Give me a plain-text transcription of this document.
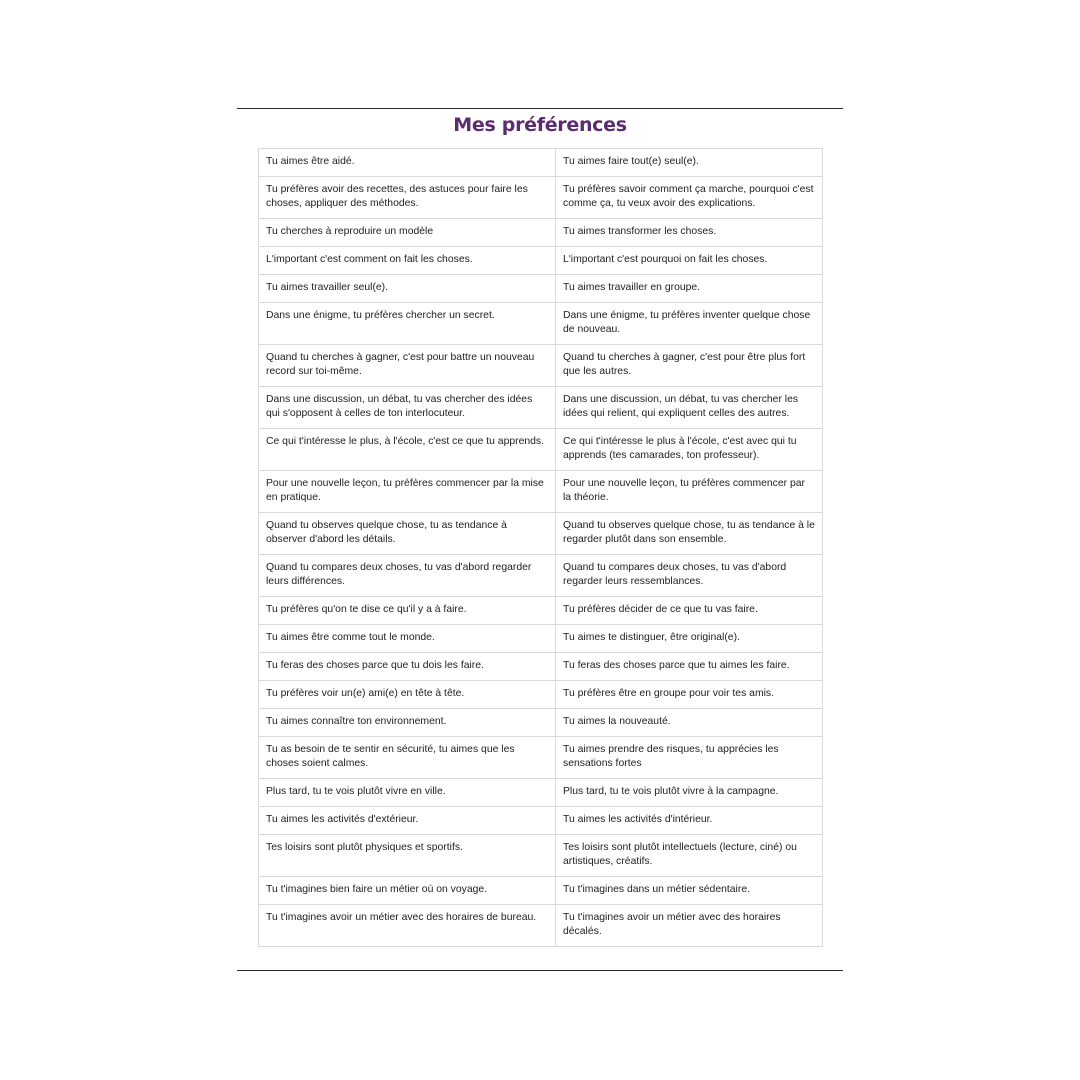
Mes préférences
Tu aimes être aidé.	Tu aimes faire tout(e) seul(e).
Tu préfères avoir des recettes, des astuces pour faire les choses, appliquer des méthodes.	Tu préfères savoir comment ça marche, pourquoi c'est comme ça, tu veux avoir des explications.
Tu cherches à reproduire un modèle	Tu aimes transformer les choses.
L'important c'est comment on fait les choses.	L'important c'est pourquoi on fait les choses.
Tu aimes travailler seul(e).	Tu aimes travailler en groupe.
Dans une énigme, tu préfères chercher un secret.	Dans une énigme, tu préfères inventer quelque chose de nouveau.
Quand tu cherches à gagner, c'est pour battre un nouveau record sur toi-même.	Quand tu cherches à gagner, c'est pour être plus fort que les autres.
Dans une discussion, un débat, tu vas chercher des idées qui s'opposent à celles de ton interlocuteur.	Dans une discussion, un débat, tu vas chercher les idées qui relient, qui expliquent celles des autres.
Ce qui t'intéresse le plus, à l'école, c'est ce que tu apprends.	Ce qui t'intéresse le plus à l'école, c'est avec qui tu apprends (tes camarades, ton professeur).
Pour une nouvelle leçon, tu préfères commencer par la mise en pratique.	Pour une nouvelle leçon, tu préfères commencer par la théorie.
Quand tu observes quelque chose, tu as tendance à observer d'abord les détails.	Quand tu observes quelque chose, tu as tendance à le regarder plutôt dans son ensemble.
Quand tu compares deux choses, tu vas d'abord regarder leurs différences.	Quand tu compares deux choses, tu vas d'abord regarder leurs ressemblances.
Tu préfères qu'on te dise ce qu'il y a à faire.	Tu préfères décider de ce que tu vas faire.
Tu aimes être comme tout le monde.	Tu aimes te distinguer, être original(e).
Tu feras des choses parce que tu dois les faire.	Tu feras des choses parce que tu aimes les faire.
Tu préfères voir un(e) ami(e) en tête à tête.	Tu préfères être en groupe pour voir tes amis.
Tu aimes connaître ton environnement.	Tu aimes la nouveauté.
Tu as besoin de te sentir en sécurité, tu aimes que les choses soient calmes.	Tu aimes prendre des risques, tu apprécies les sensations fortes
Plus tard, tu te vois plutôt vivre en ville.	Plus tard, tu te vois plutôt vivre à la campagne.
Tu aimes les activités d'extérieur.	Tu aimes les activités d'intérieur.
Tes loisirs sont plutôt physiques et sportifs.	Tes loisirs sont plutôt intellectuels (lecture, ciné) ou artistiques, créatifs.
Tu t'imagines bien faire un métier où on voyage.	Tu t'imagines dans un métier sédentaire.
Tu t'imagines avoir un métier avec des horaires de bureau.	Tu t'imagines avoir un métier avec des horaires décalés.
